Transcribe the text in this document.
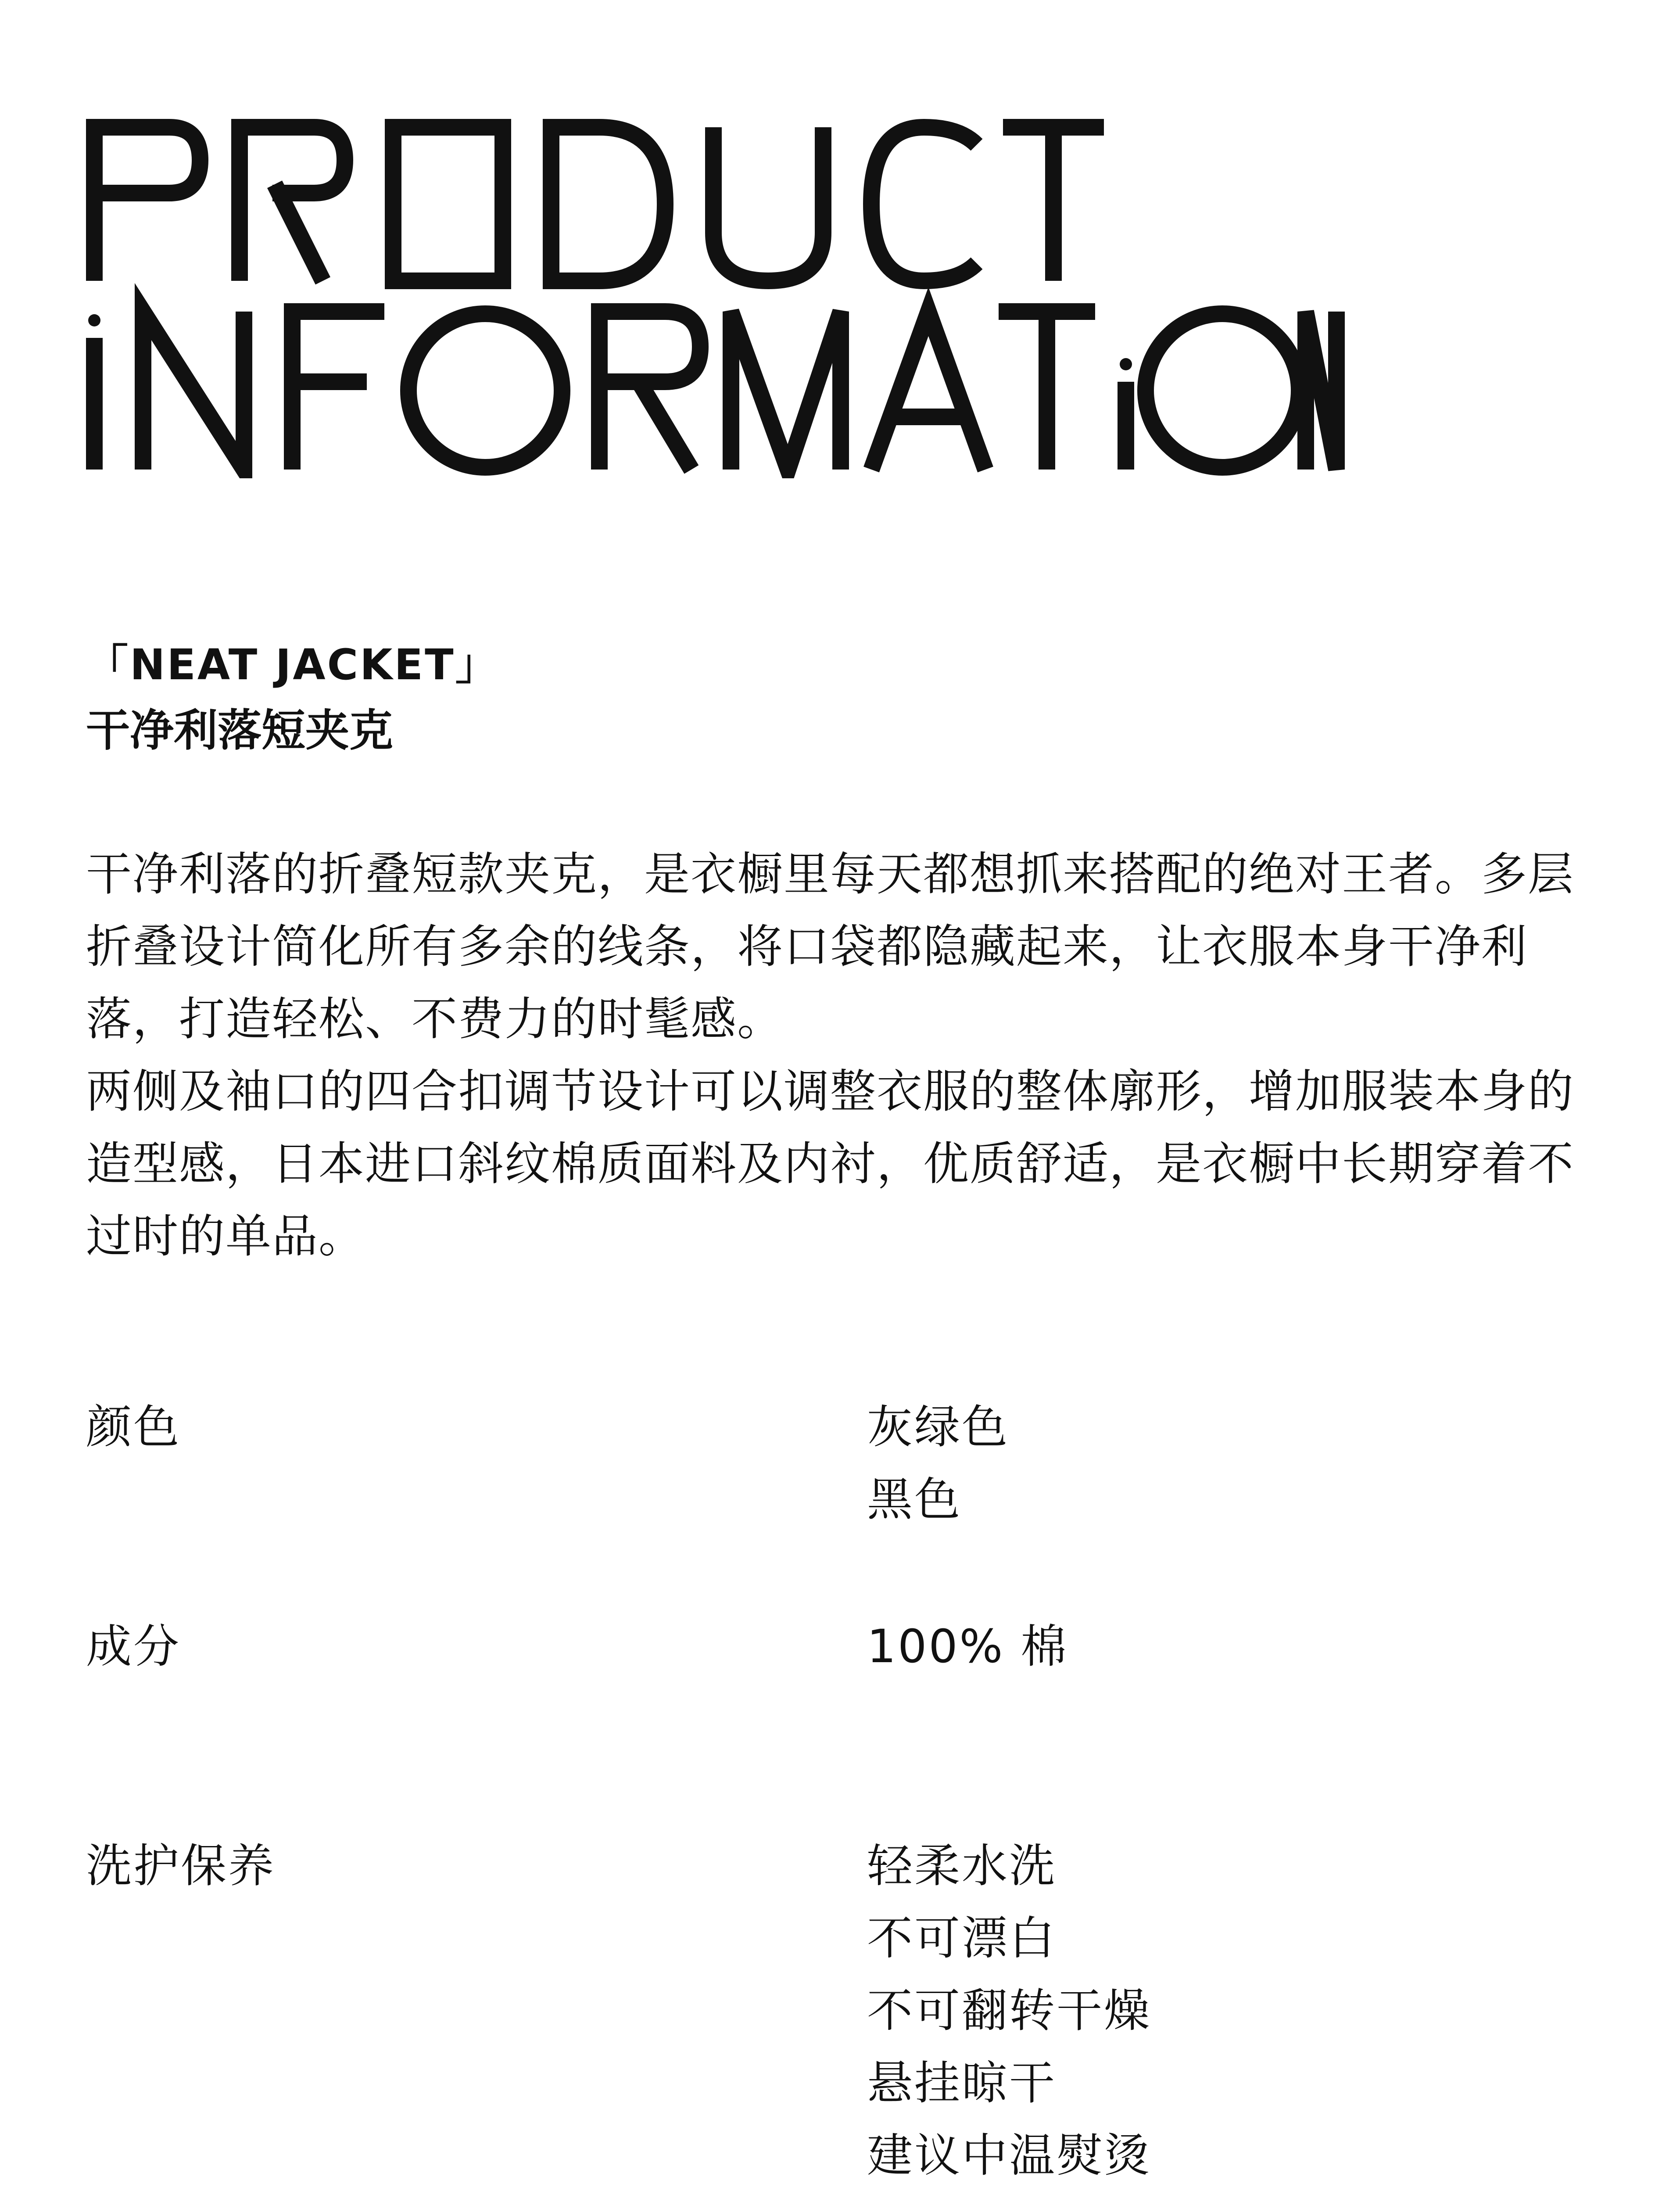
「NEAT JACKET」

干净利落短夹克

干净利落的折叠短款夹克，是衣橱里每天都想抓来搭配的绝对王者。多层折叠设计简化所有多余的线条，将口袋都隐藏起来，让衣服本身干净利落，打造轻松、不费力的时髦感。

两侧及袖口的四合扣调节设计可以调整衣服的整体廓形，增加服装本身的造型感，日本进口斜纹棉质面料及内衬，优质舒适，是衣橱中长期穿着不过时的单品。

颜色	灰绿色
黑色
成分	100% 棉
洗护保养	轻柔水洗
不可漂白
不可翻转干燥
悬挂晾干
建议中温熨烫
